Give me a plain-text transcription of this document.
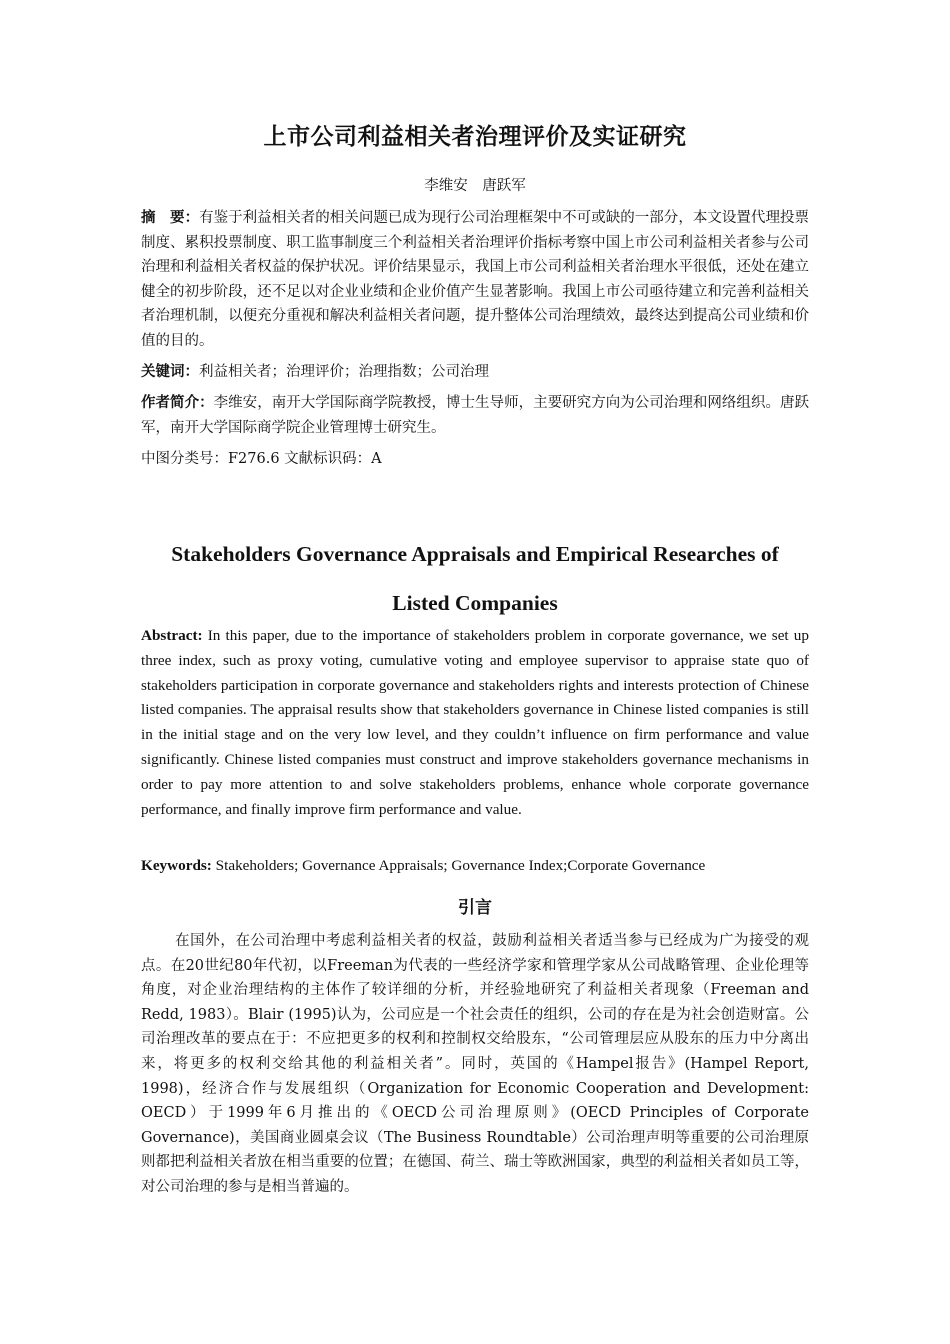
上市公司利益相关者治理评价及实证研究
李维安　唐跃军
摘　要：有鉴于利益相关者的相关问题已成为现行公司治理框架中不可或缺的一部分，本文设置代理投票制度、累积投票制度、职工监事制度三个利益相关者治理评价指标考察中国上市公司利益相关者参与公司治理和利益相关者权益的保护状况。评价结果显示，我国上市公司利益相关者治理水平很低，还处在建立健全的初步阶段，还不足以对企业业绩和企业价值产生显著影响。我国上市公司亟待建立和完善利益相关者治理机制，以便充分重视和解决利益相关者问题，提升整体公司治理绩效，最终达到提高公司业绩和价值的目的。
关键词：利益相关者；治理评价；治理指数；公司治理
作者简介：李维安，南开大学国际商学院教授，博士生导师，主要研究方向为公司治理和网络组织。唐跃军，南开大学国际商学院企业管理博士研究生。
中图分类号：F276.6 文献标识码：A
Stakeholders Governance Appraisals and Empirical Researches of Listed Companies
Abstract: In this paper, due to the importance of stakeholders problem in corporate governance, we set up three index, such as proxy voting, cumulative voting and employee supervisor to appraise state quo of stakeholders participation in corporate governance and stakeholders rights and interests protection of Chinese listed companies. The appraisal results show that stakeholders governance in Chinese listed companies is still in the initial stage and on the very low level, and they couldn’t influence on firm performance and value significantly. Chinese listed companies must construct and improve stakeholders governance mechanisms in order to pay more attention to and solve stakeholders problems, enhance whole corporate governance performance, and finally improve firm performance and value.
Keywords: Stakeholders; Governance Appraisals; Governance Index;Corporate Governance
引言
在国外，在公司治理中考虑利益相关者的权益，鼓励利益相关者适当参与已经成为广为接受的观点。在20世纪80年代初，以Freeman为代表的一些经济学家和管理学家从公司战略管理、企业伦理等角度，对企业治理结构的主体作了较详细的分析，并经验地研究了利益相关者现象（Freeman and Redd, 1983）。Blair (1995)认为，公司应是一个社会责任的组织，公司的存在是为社会创造财富。公司治理改革的要点在于：不应把更多的权利和控制权交给股东，“公司管理层应从股东的压力中分离出来，将更多的权利交给其他的利益相关者”。同时，英国的《Hampel报告》(Hampel Report, 1998)，经济合作与发展组织（Organization for Economic Cooperation and Development: OECD）于1999年6月推出的《OECD公司治理原则》(OECD Principles of Corporate Governance)，美国商业圆桌会议（The Business Roundtable）公司治理声明等重要的公司治理原则都把利益相关者放在相当重要的位置；在德国、荷兰、瑞士等欧洲国家，典型的利益相关者如员工等，对公司治理的参与是相当普遍的。
